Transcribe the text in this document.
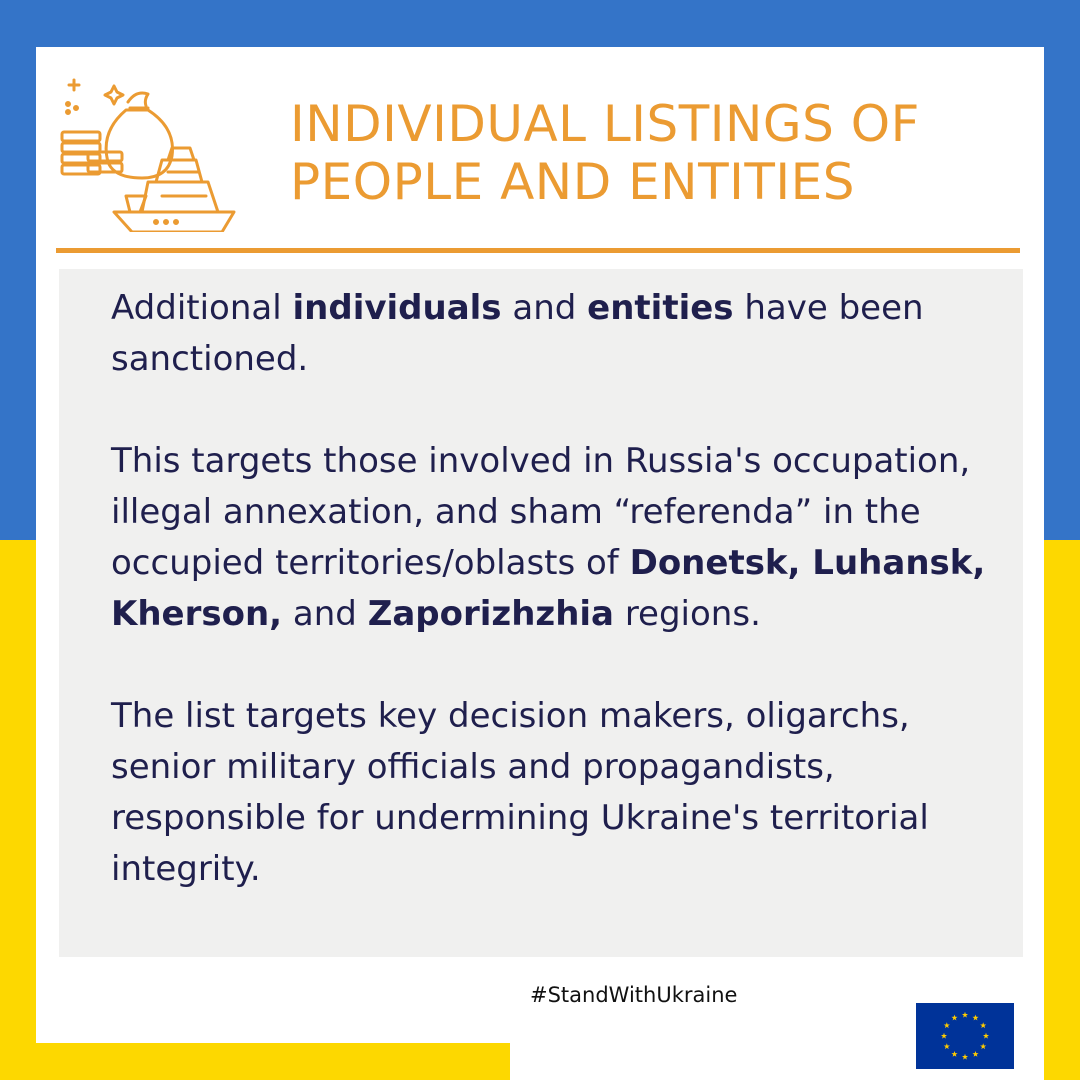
INDIVIDUAL LISTINGS OF
PEOPLE AND ENTITIES

Additional individuals and entities have been sanctioned.

This targets those involved in Russia's occupation, illegal annexation, and sham “referenda” in the occupied territories/oblasts of Donetsk, Luhansk, Kherson, and Zaporizhzhia regions.

The list targets key decision makers, oligarchs, senior military officials and propagandists, responsible for undermining Ukraine's territorial integrity.

#StandWithUkraine
